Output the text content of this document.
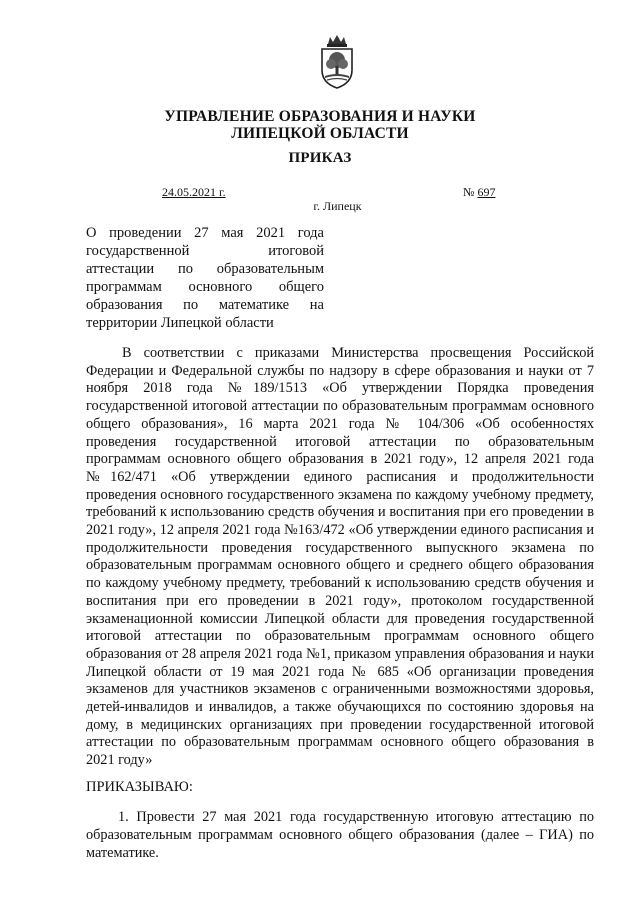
УПРАВЛЕНИЕ ОБРАЗОВАНИЯ И НАУКИ
ЛИПЕЦКОЙ ОБЛАСТИ
ПРИКАЗ
24.05.2021 г.	№ 697
г. Липецк
О проведении 27 мая 2021 года
государственной итоговой
аттестации по образовательным
программам основного общего
образования по математике на
территории Липецкой области

В соответствии с приказами Министерства просвещения Российской Федерации и Федеральной службы по надзору в сфере образования и науки от 7 ноября 2018 года №189/1513 «Об утверждении Порядка проведения государственной итоговой аттестации по образовательным программам основного общего образования», 16 марта 2021 года № 104/306 «Об особенностях проведения государственной итоговой аттестации по образовательным программам основного общего образования в 2021 году», 12 апреля 2021 года №162/471 «Об утверждении единого расписания и продолжительности проведения основного государственного экзамена по каждому учебному предмету, требований к использованию средств обучения и воспитания при его проведении в 2021 году», 12 апреля 2021 года №163/472 «Об утверждении единого расписания и продолжительности проведения государственного выпускного экзамена по образовательным программам основного общего и среднего общего образования по каждому учебному предмету, требований к использованию средств обучения и воспитания при его проведении в 2021 году», протоколом государственной экзаменационной комиссии Липецкой области для проведения государственной итоговой аттестации по образовательным программам основного общего образования от 28 апреля 2021 года №1, приказом управления образования и науки Липецкой области от 19 мая 2021 года № 685 «Об организации проведения экзаменов для участников экзаменов с ограниченными возможностями здоровья, детей-инвалидов и инвалидов, а также обучающихся по состоянию здоровья на дому, в медицинских организациях при проведении государственной итоговой аттестации по образовательным программам основного общего образования в 2021 году»

ПРИКАЗЫВАЮ:

1. Провести 27 мая 2021 года государственную итоговую аттестацию по образовательным программам основного общего образования (далее – ГИА) по математике.
